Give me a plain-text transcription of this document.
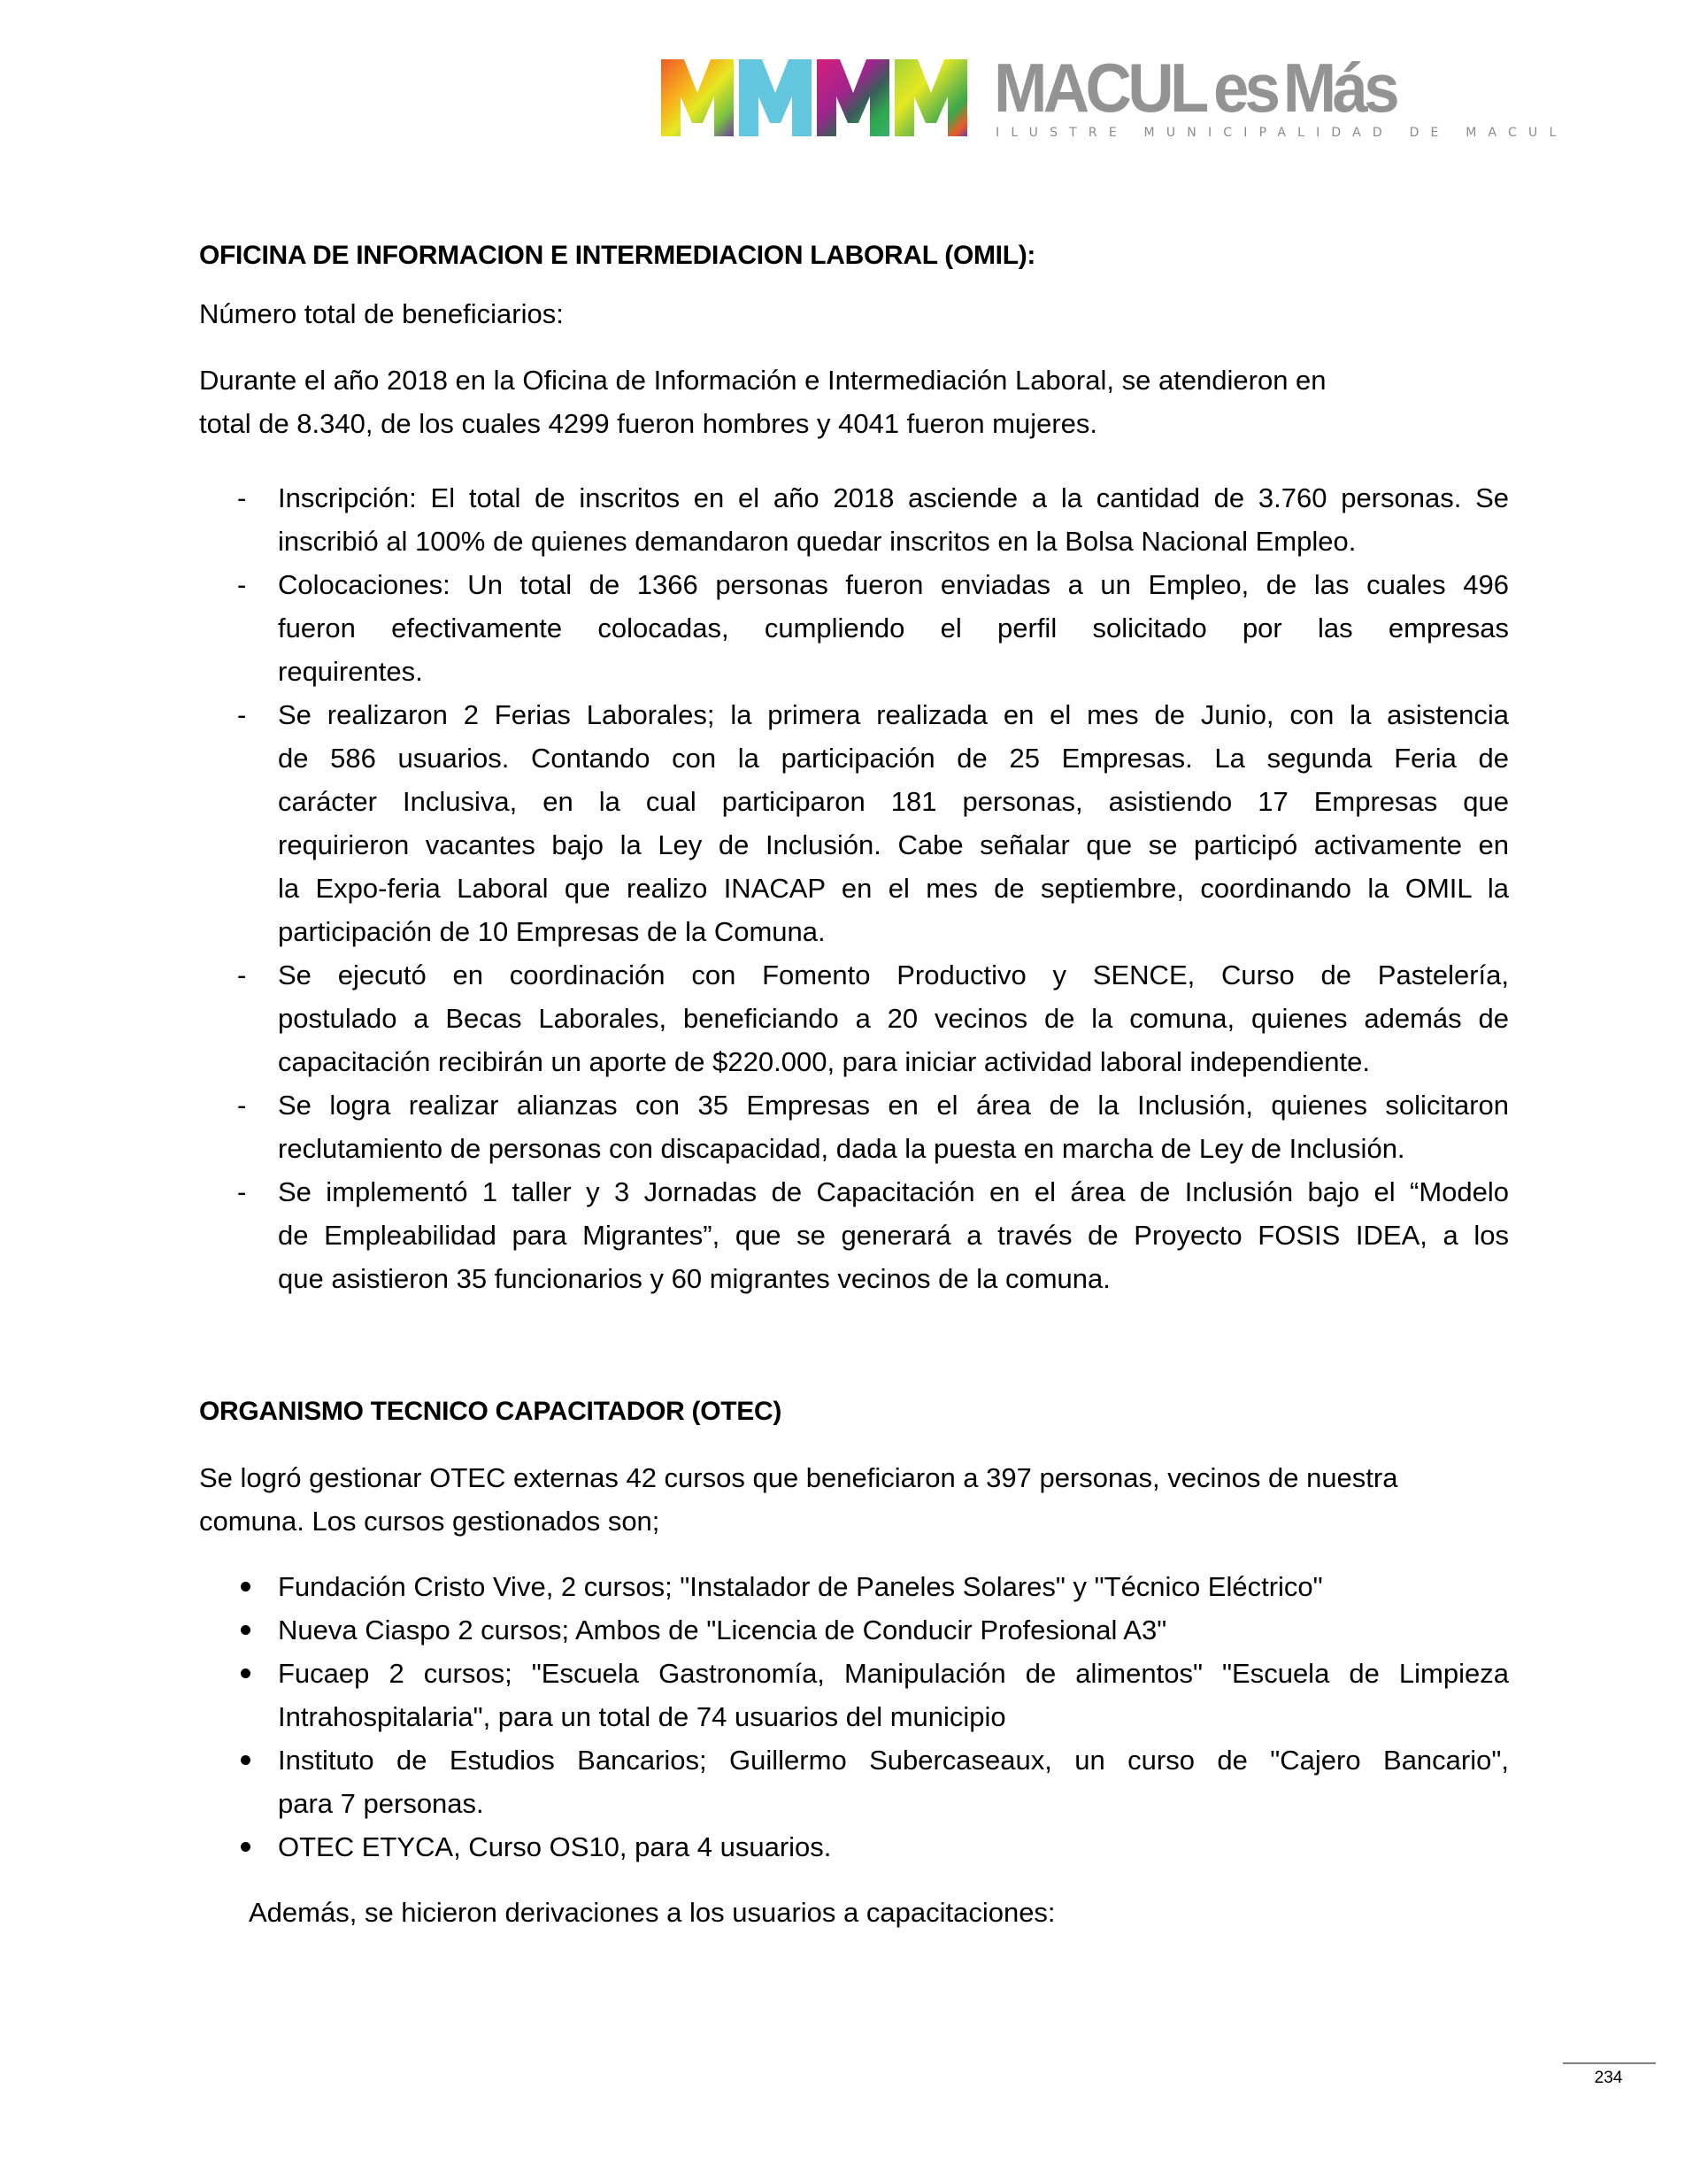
MACUL esMás
ILUSTRE MUNICIPALIDAD DE MACUL
OFICINA DE INFORMACION E INTERMEDIACION LABORAL (OMIL):
Número total de beneficiarios:
Durante el año 2018 en la Oficina de Información e Intermediación Laboral, se atendieron en
total de 8.340, de los cuales 4299 fueron hombres y 4041 fueron mujeres.
- Inscripción: El total de inscritos en el año 2018 asciende a la cantidad de 3.760 personas. Se
inscribió al 100% de quienes demandaron quedar inscritos en la Bolsa Nacional Empleo.
- Colocaciones: Un total de 1366 personas fueron enviadas a un Empleo, de las cuales 496
fueron efectivamente colocadas, cumpliendo el perfil solicitado por las empresas
requirentes.
- Se realizaron 2 Ferias Laborales; la primera realizada en el mes de Junio, con la asistencia
de 586 usuarios. Contando con la participación de 25 Empresas. La segunda Feria de
carácter Inclusiva, en la cual participaron 181 personas, asistiendo 17 Empresas que
requirieron vacantes bajo la Ley de Inclusión. Cabe señalar que se participó activamente en
la Expo-feria Laboral que realizo INACAP en el mes de septiembre, coordinando la OMIL la
participación de 10 Empresas de la Comuna.
- Se ejecutó en coordinación con Fomento Productivo y SENCE, Curso de Pastelería,
postulado a Becas Laborales, beneficiando a 20 vecinos de la comuna, quienes además de
capacitación recibirán un aporte de $220.000, para iniciar actividad laboral independiente.
- Se logra realizar alianzas con 35 Empresas en el área de la Inclusión, quienes solicitaron
reclutamiento de personas con discapacidad, dada la puesta en marcha de Ley de Inclusión.
- Se implementó 1 taller y 3 Jornadas de Capacitación en el área de Inclusión bajo el “Modelo
de Empleabilidad para Migrantes”, que se generará a través de Proyecto FOSIS IDEA, a los
que asistieron 35 funcionarios y 60 migrantes vecinos de la comuna.
ORGANISMO TECNICO CAPACITADOR (OTEC)
Se logró gestionar OTEC externas 42 cursos que beneficiaron a 397 personas, vecinos de nuestra
comuna. Los cursos gestionados son;
Fundación Cristo Vive, 2 cursos; "Instalador de Paneles Solares" y "Técnico Eléctrico"
Nueva Ciaspo 2 cursos; Ambos de "Licencia de Conducir Profesional A3"
Fucaep 2 cursos; "Escuela Gastronomía, Manipulación de alimentos" "Escuela de Limpieza
Intrahospitalaria", para un total de 74 usuarios del municipio
Instituto de Estudios Bancarios; Guillermo Subercaseaux, un curso de "Cajero Bancario",
para 7 personas.
OTEC ETYCA, Curso OS10, para 4 usuarios.
Además, se hicieron derivaciones a los usuarios a capacitaciones:
234
